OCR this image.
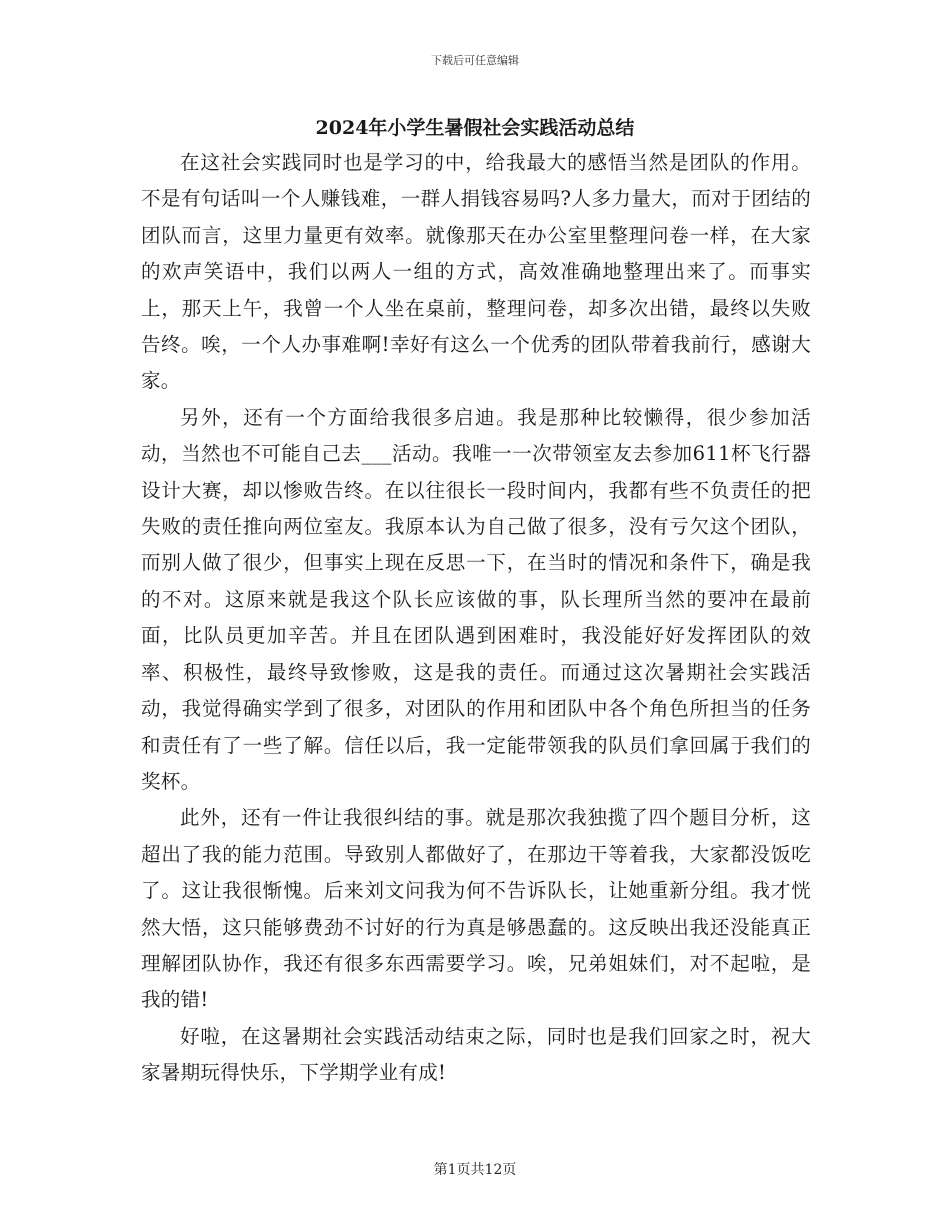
下载后可任意编辑
2024年小学生暑假社会实践活动总结

在这社会实践同时也是学习的中，给我最大的感悟当然是团队的作用。不是有句话叫一个人赚钱难，一群人捐钱容易吗?人多力量大，而对于团结的团队而言，这里力量更有效率。就像那天在办公室里整理问卷一样，在大家的欢声笑语中，我们以两人一组的方式，高效准确地整理出来了。而事实上，那天上午，我曾一个人坐在桌前，整理问卷，却多次出错，最终以失败告终。唉，一个人办事难啊!幸好有这么一个优秀的团队带着我前行，感谢大家。

另外，还有一个方面给我很多启迪。我是那种比较懒得，很少参加活动，当然也不可能自己去___活动。我唯一一次带领室友去参加611杯飞行器设计大赛，却以惨败告终。在以往很长一段时间内，我都有些不负责任的把失败的责任推向两位室友。我原本认为自己做了很多，没有亏欠这个团队，而别人做了很少，但事实上现在反思一下，在当时的情况和条件下，确是我的不对。这原来就是我这个队长应该做的事，队长理所当然的要冲在最前面，比队员更加辛苦。并且在团队遇到困难时，我没能好好发挥团队的效率、积极性，最终导致惨败，这是我的责任。而通过这次暑期社会实践活动，我觉得确实学到了很多，对团队的作用和团队中各个角色所担当的任务和责任有了一些了解。信任以后，我一定能带领我的队员们拿回属于我们的奖杯。

此外，还有一件让我很纠结的事。就是那次我独揽了四个题目分析，这超出了我的能力范围。导致别人都做好了，在那边干等着我，大家都没饭吃了。这让我很惭愧。后来刘文问我为何不告诉队长，让她重新分组。我才恍然大悟，这只能够费劲不讨好的行为真是够愚蠢的。这反映出我还没能真正理解团队协作，我还有很多东西需要学习。唉，兄弟姐妹们，对不起啦，是我的错!

好啦，在这暑期社会实践活动结束之际，同时也是我们回家之时，祝大家暑期玩得快乐，下学期学业有成!

第1页共12页
